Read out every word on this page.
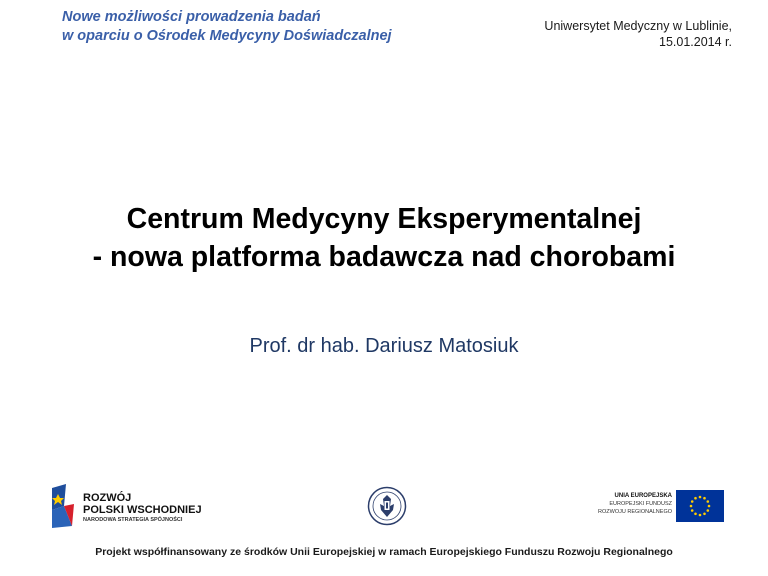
Nowe możliwości prowadzenia badań
w oparciu o Ośrodek Medycyny Doświadczalnej
Uniwersytet Medyczny w Lublinie,
15.01.2014 r.
Centrum Medycyny Eksperymentalnej
- nowa platforma badawcza nad chorobami
Prof. dr hab. Dariusz Matosiuk
ROZWÓJ
POLSKI WSCHODNIEJ
NARODOWA STRATEGIA SPÓJNOŚCI
UNIA EUROPEJSKA
EUROPEJSKI FUNDUSZ
ROZWOJU REGIONALNEGO
Projekt współfinansowany ze środków Unii Europejskiej w ramach Europejskiego Funduszu Rozwoju Regionalnego
